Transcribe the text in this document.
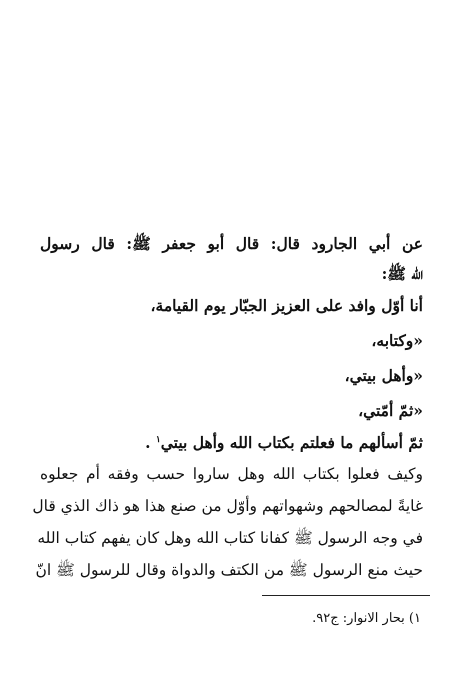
عن أبي الجارود قال: قال أبو جعفر ﷺ: قال رسول
الله ﷺ:
أنا أوّل وافد على العزيز الجبّار يوم القيامة،
«وكتابه،
«وأهل بيتي،
«ثمّ أمّتي،
ثمّ أسألهم ما فعلتم بكتاب الله وأهل بيتي$^١$ .
وكيف فعلوا بكتاب الله وهل ساروا حسب وفقه أم جعلوه
غايةً لمصالحهم وشهواتهم وأوّل من صنع هذا هو ذاك الذي قال
في وجه الرسول ﷺ كفانا كتاب الله وهل كان يفهم كتاب الله
حيث منع الرسول ﷺ من الكتف والدواة وقال للرسول ﷺ انّ
١) بحار الانوار: ج٩٢.
